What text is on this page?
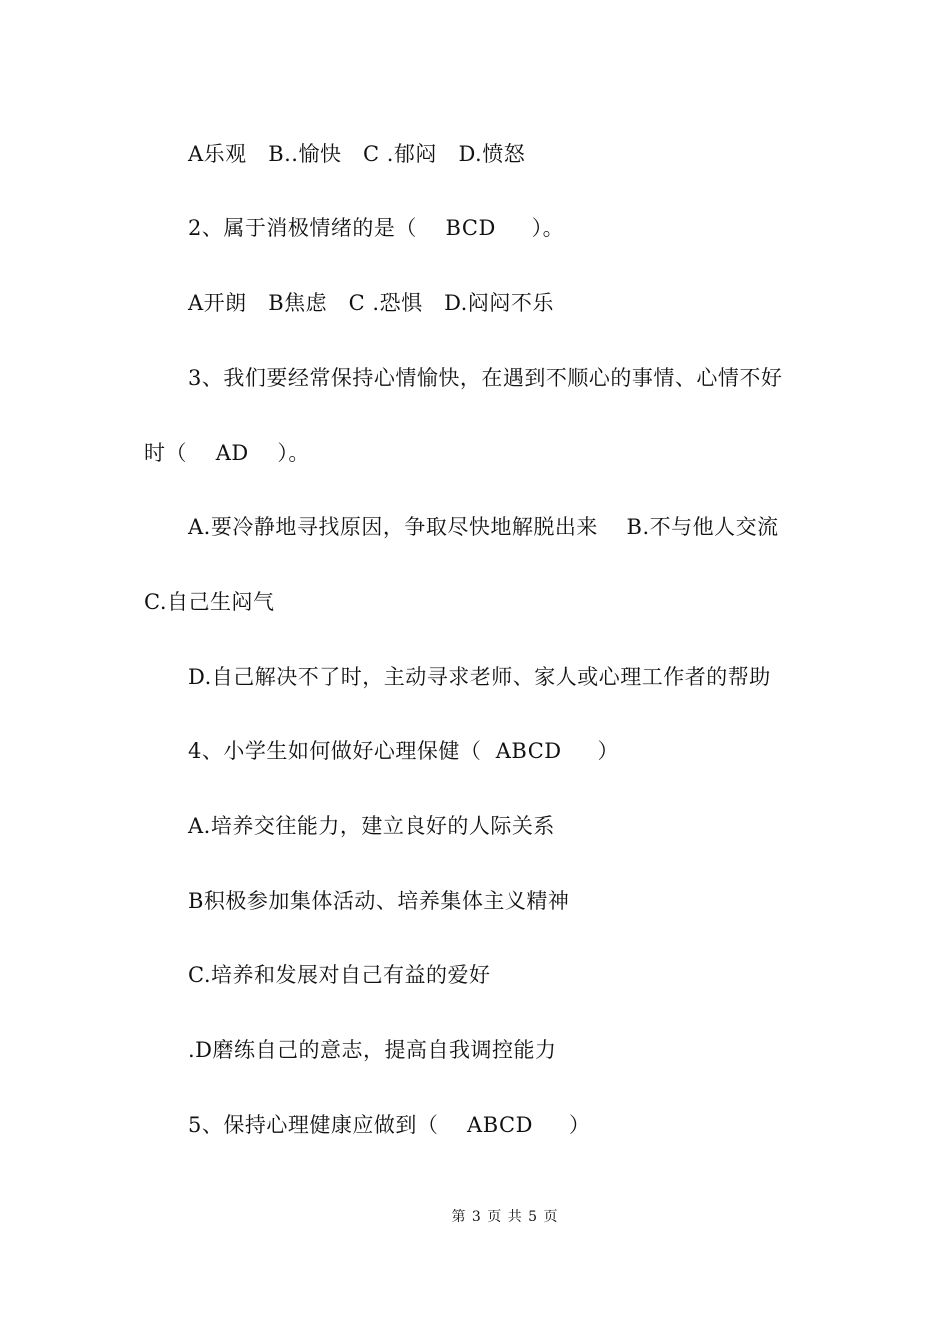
A乐观   B..愉快   C .郁闷   D.愤怒
2、属于消极情绪的是（    BCD     ）。
A开朗   B焦虑   C .恐惧   D.闷闷不乐
3、我们要经常保持心情愉快，在遇到不顺心的事情、心情不好
时（    AD    ）。
A.要冷静地寻找原因，争取尽快地解脱出来    B.不与他人交流
C.自己生闷气
D.自己解决不了时，主动寻求老师、家人或心理工作者的帮助
4、小学生如何做好心理保健（  ABCD     ）
A.培养交往能力，建立良好的人际关系
B积极参加集体活动、培养集体主义精神
C.培养和发展对自己有益的爱好
.D磨练自己的意志，提高自我调控能力
5、保持心理健康应做到（    ABCD     ）
第 3 页 共 5 页
